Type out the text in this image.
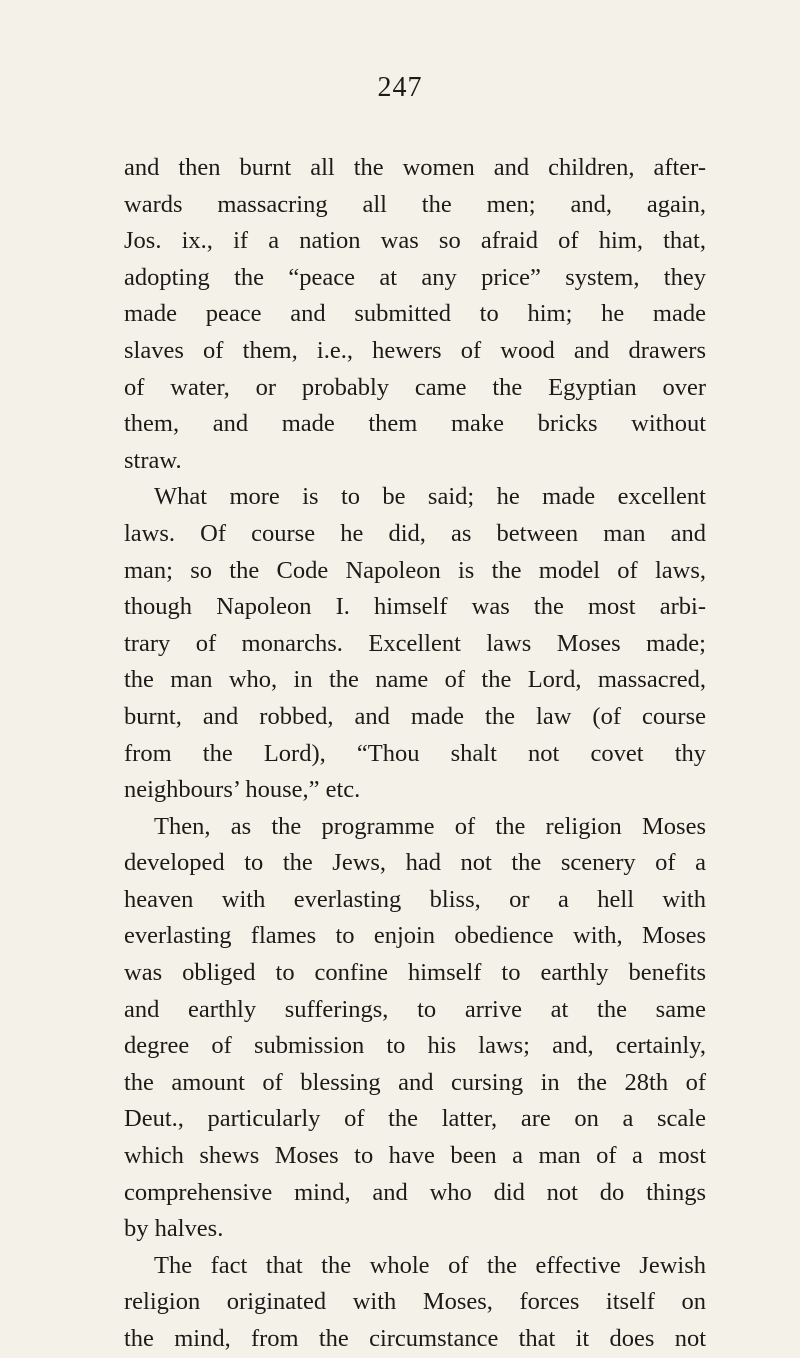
247
and then burnt all the women and children, after-
wards massacring all the men; and, again,
Jos. ix., if a nation was so afraid of him, that,
adopting the “peace at any price” system, they
made peace and submitted to him; he made
slaves of them, i.e., hewers of wood and drawers
of water, or probably came the Egyptian over
them, and made them make bricks without
straw.
What more is to be said; he made excellent
laws. Of course he did, as between man and
man; so the Code Napoleon is the model of laws,
though Napoleon I. himself was the most arbi-
trary of monarchs. Excellent laws Moses made;
the man who, in the name of the Lord, massacred,
burnt, and robbed, and made the law (of course
from the Lord), “Thou shalt not covet thy
neighbours’ house,” etc.
Then, as the programme of the religion Moses
developed to the Jews, had not the scenery of a
heaven with everlasting bliss, or a hell with
everlasting flames to enjoin obedience with, Moses
was obliged to confine himself to earthly benefits
and earthly sufferings, to arrive at the same
degree of submission to his laws; and, certainly,
the amount of blessing and cursing in the 28th of
Deut., particularly of the latter, are on a scale
which shews Moses to have been a man of a most
comprehensive mind, and who did not do things
by halves.
The fact that the whole of the effective Jewish
religion originated with Moses, forces itself on
the mind, from the circumstance that it does not
